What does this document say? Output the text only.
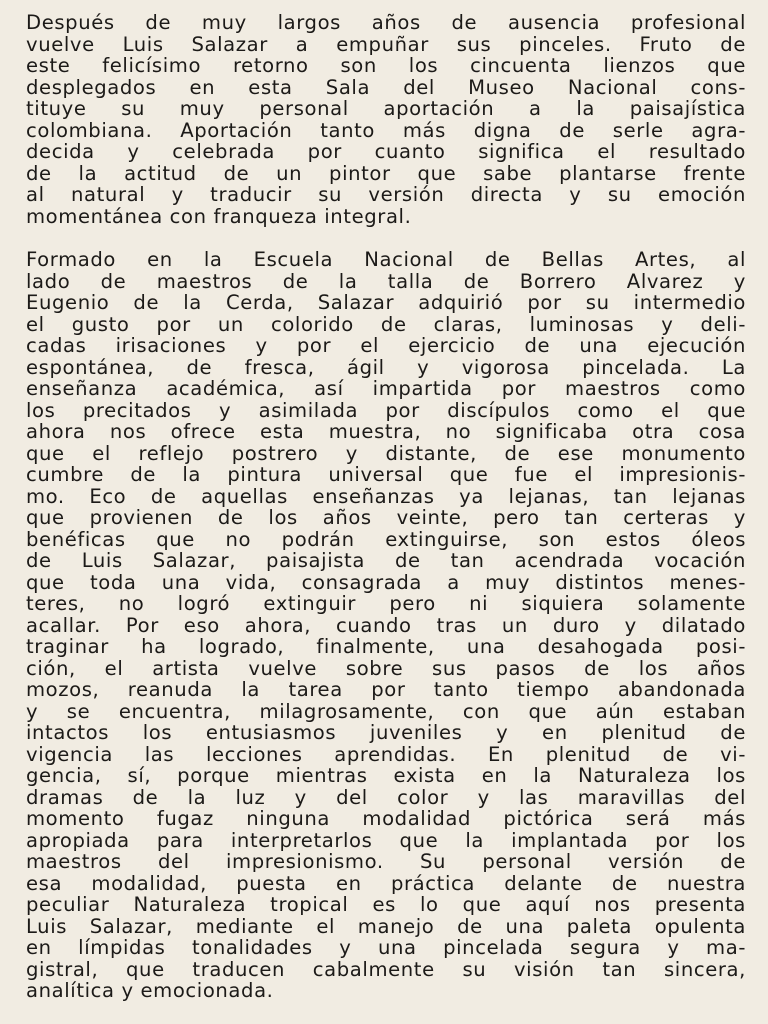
Después de muy largos años de ausencia profesional
vuelve Luis Salazar a empuñar sus pinceles. Fruto de
este felicísimo retorno son los cincuenta lienzos que
desplegados en esta Sala del Museo Nacional cons-
tituye su muy personal aportación a la paisajística
colombiana. Aportación tanto más digna de serle agra-
decida y celebrada por cuanto significa el resultado
de la actitud de un pintor que sabe plantarse frente
al natural y traducir su versión directa y su emoción
momentánea con franqueza integral.
Formado en la Escuela Nacional de Bellas Artes, al
lado de maestros de la talla de Borrero Alvarez y
Eugenio de la Cerda, Salazar adquirió por su intermedio
el gusto por un colorido de claras, luminosas y deli-
cadas irisaciones y por el ejercicio de una ejecución
espontánea, de fresca, ágil y vigorosa pincelada. La
enseñanza académica, así impartida por maestros como
los precitados y asimilada por discípulos como el que
ahora nos ofrece esta muestra, no significaba otra cosa
que el reflejo postrero y distante, de ese monumento
cumbre de la pintura universal que fue el impresionis-
mo. Eco de aquellas enseñanzas ya lejanas, tan lejanas
que provienen de los años veinte, pero tan certeras y
benéficas que no podrán extinguirse, son estos óleos
de Luis Salazar, paisajista de tan acendrada vocación
que toda una vida, consagrada a muy distintos menes-
teres, no logró extinguir pero ni siquiera solamente
acallar. Por eso ahora, cuando tras un duro y dilatado
traginar ha logrado, finalmente, una desahogada posi-
ción, el artista vuelve sobre sus pasos de los años
mozos, reanuda la tarea por tanto tiempo abandonada
y se encuentra, milagrosamente, con que aún estaban
intactos los entusiasmos juveniles y en plenitud de
vigencia las lecciones aprendidas. En plenitud de vi-
gencia, sí, porque mientras exista en la Naturaleza los
dramas de la luz y del color y las maravillas del
momento fugaz ninguna modalidad pictórica será más
apropiada para interpretarlos que la implantada por los
maestros del impresionismo. Su personal versión de
esa modalidad, puesta en práctica delante de nuestra
peculiar Naturaleza tropical es lo que aquí nos presenta
Luis Salazar, mediante el manejo de una paleta opulenta
en límpidas tonalidades y una pincelada segura y ma-
gistral, que traducen cabalmente su visión tan sincera,
analítica y emocionada.
